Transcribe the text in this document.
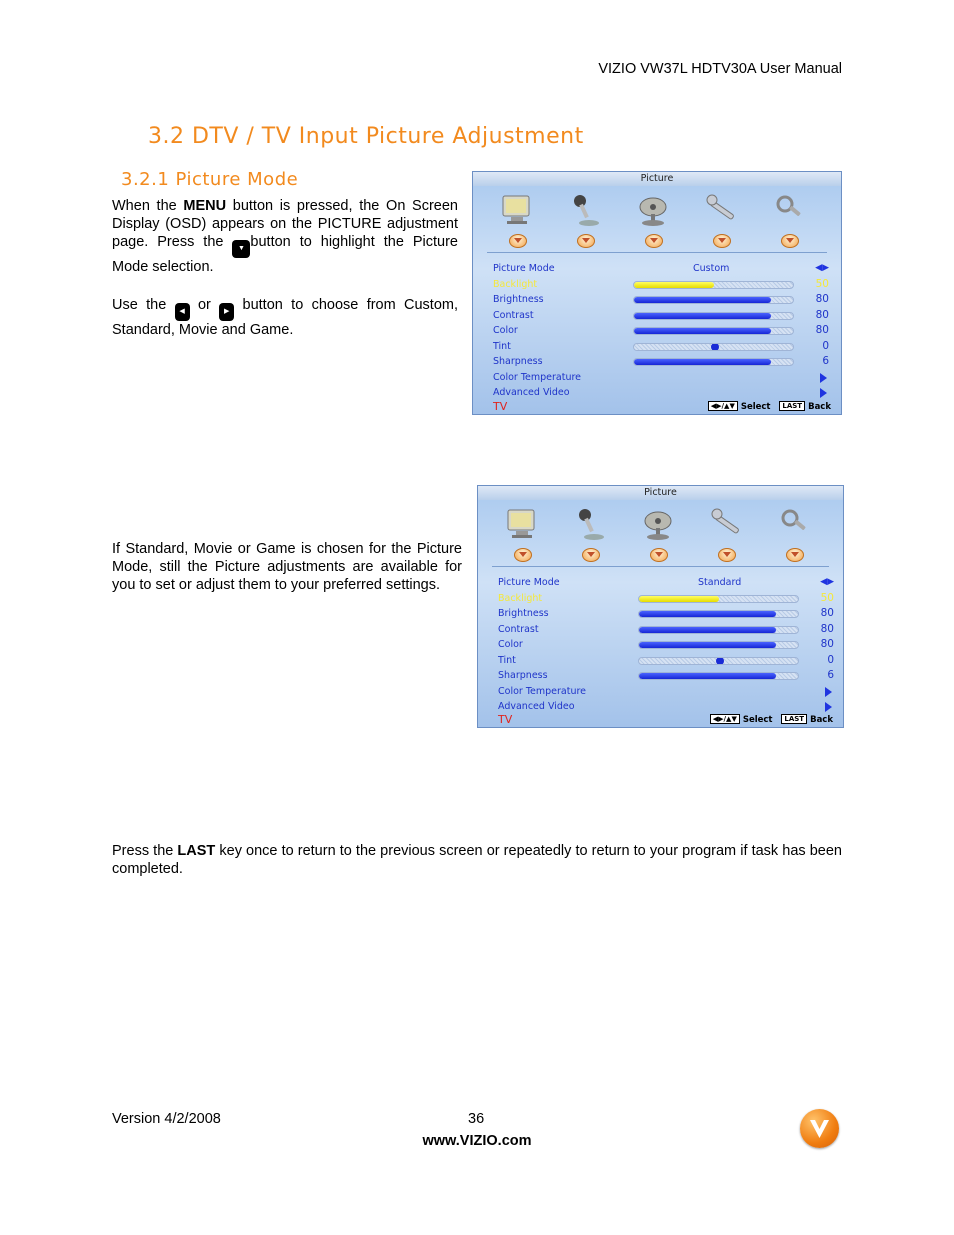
VIZIO VW37L HDTV30A User Manual
3.2 DTV / TV Input Picture Adjustment
3.2.1 Picture Mode
When the MENU button is pressed, the On Screen Display (OSD) appears on the PICTURE adjustment page. Press the ▼ button to highlight the Picture Mode selection.
Use the ◀ or ▶ button to choose from Custom, Standard, Movie and Game.
If Standard, Movie or Game is chosen for the Picture Mode, still the Picture adjustments are available for you to set or adjust them to your preferred settings.
Press the LAST key once to return to the previous screen or repeatedly to return to your program if task has been completed.
Picture
Picture Mode	Custom	◀▶
Backlight	50
Brightness	80
Contrast	80
Color	80
Tint	0
Sharpness	6
Color Temperature
Advanced Video
TV	◀▶/▲▼ Select LAST Back
Picture
Picture Mode	Standard	◀▶
Backlight	50
Brightness	80
Contrast	80
Color	80
Tint	0
Sharpness	6
Color Temperature
Advanced Video
TV	◀▶/▲▼ Select LAST Back
Version 4/2/2008	36
www.VIZIO.com
